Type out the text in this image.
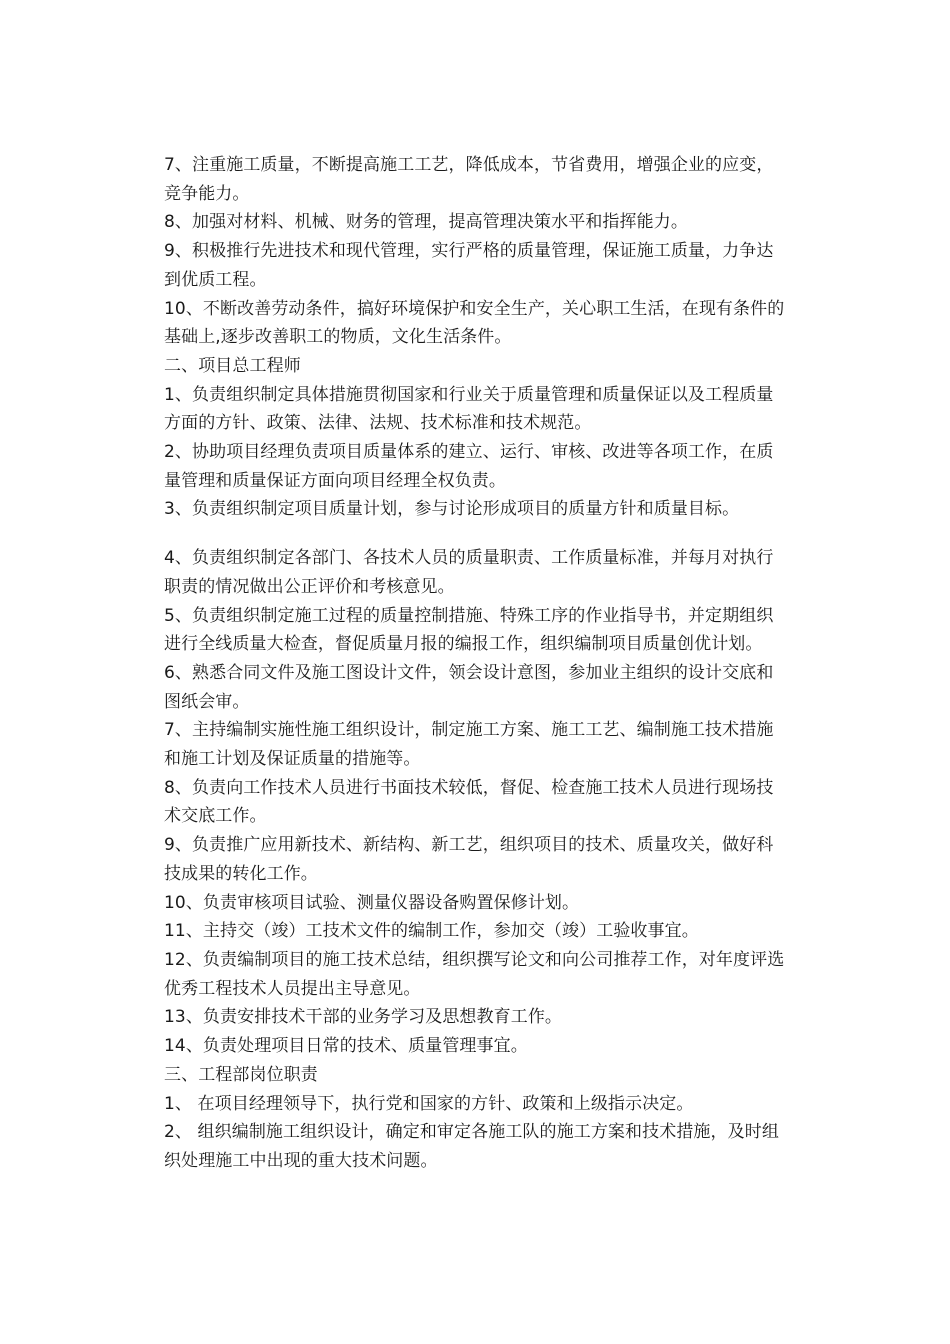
7、注重施工质量，不断提高施工工艺，降低成本，节省费用，增强企业的应变，竞争能力。

8、加强对材料、机械、财务的管理，提高管理决策水平和指挥能力。

9、积极推行先进技术和现代管理，实行严格的质量管理，保证施工质量，力争达到优质工程。

10、不断改善劳动条件，搞好环境保护和安全生产，关心职工生活，在现有条件的基础上,逐步改善职工的物质，文化生活条件。

二、项目总工程师

1、负责组织制定具体措施贯彻国家和行业关于质量管理和质量保证以及工程质量方面的方针、政策、法律、法规、技术标准和技术规范。

2、协助项目经理负责项目质量体系的建立、运行、审核、改进等各项工作，在质量管理和质量保证方面向项目经理全权负责。

3、负责组织制定项目质量计划，参与讨论形成项目的质量方针和质量目标。

4、负责组织制定各部门、各技术人员的质量职责、工作质量标准，并每月对执行职责的情况做出公正评价和考核意见。

5、负责组织制定施工过程的质量控制措施、特殊工序的作业指导书，并定期组织进行全线质量大检查，督促质量月报的编报工作，组织编制项目质量创优计划。

6、熟悉合同文件及施工图设计文件，领会设计意图，参加业主组织的设计交底和图纸会审。

7、主持编制实施性施工组织设计，制定施工方案、施工工艺、编制施工技术措施和施工计划及保证质量的措施等。

8、负责向工作技术人员进行书面技术较低，督促、检查施工技术人员进行现场技术交底工作。

9、负责推广应用新技术、新结构、新工艺，组织项目的技术、质量攻关，做好科技成果的转化工作。

10、负责审核项目试验、测量仪器设备购置保修计划。

11、主持交（竣）工技术文件的编制工作，参加交（竣）工验收事宜。

12、负责编制项目的施工技术总结，组织撰写论文和向公司推荐工作，对年度评选优秀工程技术人员提出主导意见。

13、负责安排技术干部的业务学习及思想教育工作。

14、负责处理项目日常的技术、质量管理事宜。

三、工程部岗位职责

1、 在项目经理领导下，执行党和国家的方针、政策和上级指示决定。

2、 组织编制施工组织设计，确定和审定各施工队的施工方案和技术措施，及时组织处理施工中出现的重大技术问题。
